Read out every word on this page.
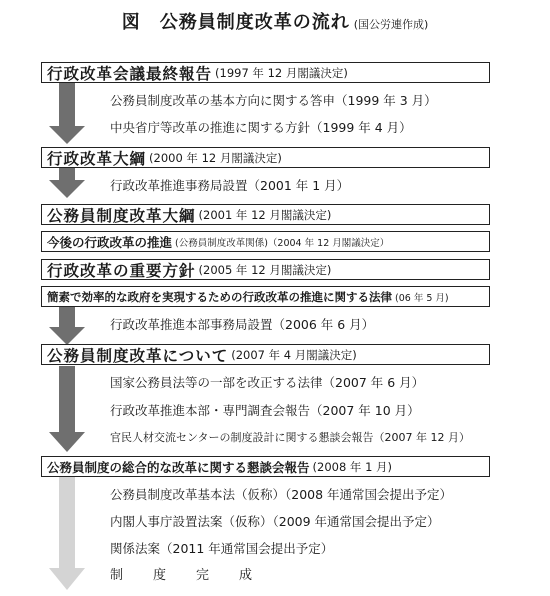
図　公務員制度改革の流れ (国公労連作成)
行政改革会議最終報告 (1997 年 12 月閣議決定)
公務員制度改革の基本方向に関する答申（1999 年 3 月）
中央省庁等改革の推進に関する方針（1999 年 4 月）
行政改革大綱 (2000 年 12 月閣議決定)
行政改革推進事務局設置（2001 年 1 月）
公務員制度改革大綱 (2001 年 12 月閣議決定)
今後の行政改革の推進 (公務員制度改革関係)（2004 年 12 月閣議決定）
行政改革の重要方針 (2005 年 12 月閣議決定)
簡素で効率的な政府を実現するための行政改革の推進に関する法律 (06 年 5 月)
行政改革推進本部事務局設置（2006 年 6 月）
公務員制度改革について (2007 年 4 月閣議決定)
国家公務員法等の一部を改正する法律（2007 年 6 月）
行政改革推進本部・専門調査会報告（2007 年 10 月）
官民人材交流センターの制度設計に関する懇談会報告（2007 年 12 月）
公務員制度の総合的な改革に関する懇談会報告 (2008 年 1 月)
公務員制度改革基本法（仮称）（2008 年通常国会提出予定）
内閣人事庁設置法案（仮称）（2009 年通常国会提出予定）
関係法案（2011 年通常国会提出予定）
制度完成
